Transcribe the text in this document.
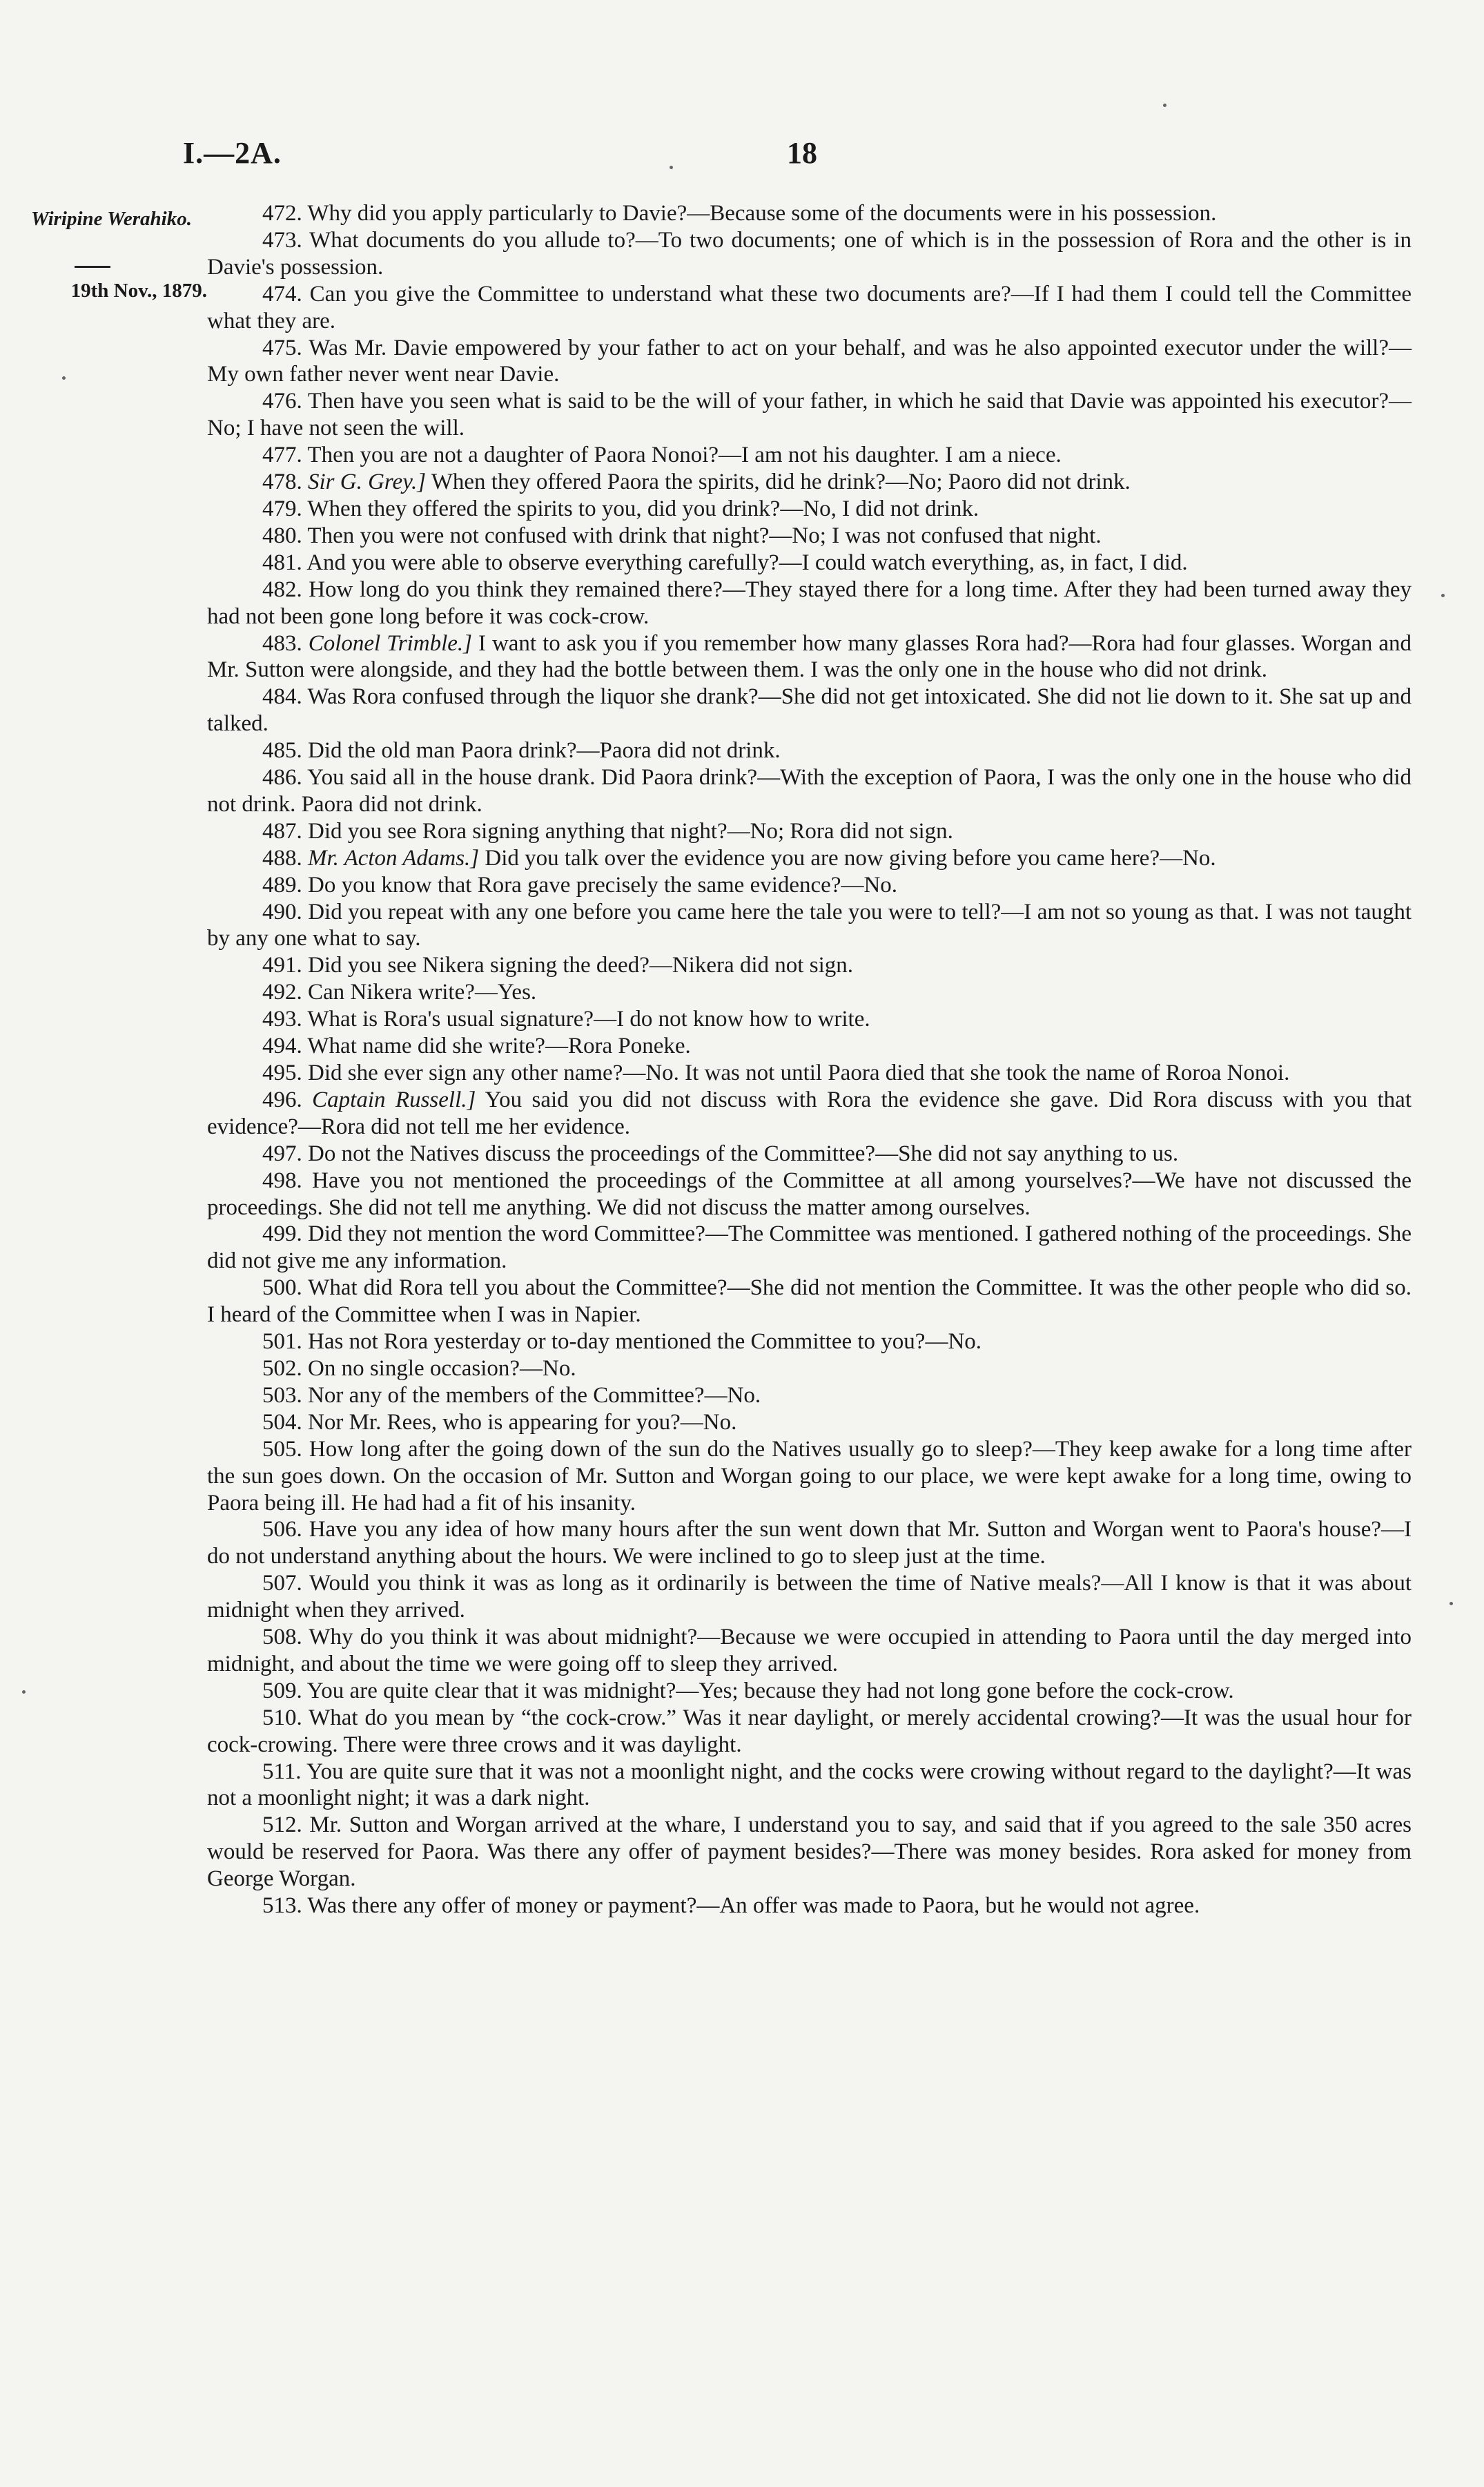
I.—2A.	18
Wiripine Werahiko.
19th Nov., 1879.

472. Why did you apply particularly to Davie?—Because some of the documents were in his possession.

473. What documents do you allude to?—To two documents; one of which is in the possession of Rora and the other is in Davie's possession.

474. Can you give the Committee to understand what these two documents are?—If I had them I could tell the Committee what they are.

475. Was Mr. Davie empowered by your father to act on your behalf, and was he also appointed executor under the will?—My own father never went near Davie.

476. Then have you seen what is said to be the will of your father, in which he said that Davie was appointed his executor?—No; I have not seen the will.

477. Then you are not a daughter of Paora Nonoi?—I am not his daughter. I am a niece.

478. Sir G. Grey.] When they offered Paora the spirits, did he drink?—No; Paoro did not drink.

479. When they offered the spirits to you, did you drink?—No, I did not drink.

480. Then you were not confused with drink that night?—No; I was not confused that night.

481. And you were able to observe everything carefully?—I could watch everything, as, in fact, I did.

482. How long do you think they remained there?—They stayed there for a long time. After they had been turned away they had not been gone long before it was cock-crow.

483. Colonel Trimble.] I want to ask you if you remember how many glasses Rora had?—Rora had four glasses. Worgan and Mr. Sutton were alongside, and they had the bottle between them. I was the only one in the house who did not drink.

484. Was Rora confused through the liquor she drank?—She did not get intoxicated. She did not lie down to it. She sat up and talked.

485. Did the old man Paora drink?—Paora did not drink.

486. You said all in the house drank. Did Paora drink?—With the exception of Paora, I was the only one in the house who did not drink. Paora did not drink.

487. Did you see Rora signing anything that night?—No; Rora did not sign.

488. Mr. Acton Adams.] Did you talk over the evidence you are now giving before you came here?—No.

489. Do you know that Rora gave precisely the same evidence?—No.

490. Did you repeat with any one before you came here the tale you were to tell?—I am not so young as that. I was not taught by any one what to say.

491. Did you see Nikera signing the deed?—Nikera did not sign.

492. Can Nikera write?—Yes.

493. What is Rora's usual signature?—I do not know how to write.

494. What name did she write?—Rora Poneke.

495. Did she ever sign any other name?—No. It was not until Paora died that she took the name of Roroa Nonoi.

496. Captain Russell.] You said you did not discuss with Rora the evidence she gave. Did Rora discuss with you that evidence?—Rora did not tell me her evidence.

497. Do not the Natives discuss the proceedings of the Committee?—She did not say anything to us.

498. Have you not mentioned the proceedings of the Committee at all among yourselves?—We have not discussed the proceedings. She did not tell me anything. We did not discuss the matter among ourselves.

499. Did they not mention the word Committee?—The Committee was mentioned. I gathered nothing of the proceedings. She did not give me any information.

500. What did Rora tell you about the Committee?—She did not mention the Committee. It was the other people who did so. I heard of the Committee when I was in Napier.

501. Has not Rora yesterday or to-day mentioned the Committee to you?—No.

502. On no single occasion?—No.

503. Nor any of the members of the Committee?—No.

504. Nor Mr. Rees, who is appearing for you?—No.

505. How long after the going down of the sun do the Natives usually go to sleep?—They keep awake for a long time after the sun goes down. On the occasion of Mr. Sutton and Worgan going to our place, we were kept awake for a long time, owing to Paora being ill. He had had a fit of his insanity.

506. Have you any idea of how many hours after the sun went down that Mr. Sutton and Worgan went to Paora's house?—I do not understand anything about the hours. We were inclined to go to sleep just at the time.

507. Would you think it was as long as it ordinarily is between the time of Native meals?—All I know is that it was about midnight when they arrived.

508. Why do you think it was about midnight?—Because we were occupied in attending to Paora until the day merged into midnight, and about the time we were going off to sleep they arrived.

509. You are quite clear that it was midnight?—Yes; because they had not long gone before the cock-crow.

510. What do you mean by “the cock-crow.” Was it near daylight, or merely accidental crowing?—It was the usual hour for cock-crowing. There were three crows and it was daylight.

511. You are quite sure that it was not a moonlight night, and the cocks were crowing without regard to the daylight?—It was not a moonlight night; it was a dark night.

512. Mr. Sutton and Worgan arrived at the whare, I understand you to say, and said that if you agreed to the sale 350 acres would be reserved for Paora. Was there any offer of payment besides?—There was money besides. Rora asked for money from George Worgan.

513. Was there any offer of money or payment?—An offer was made to Paora, but he would not agree.
